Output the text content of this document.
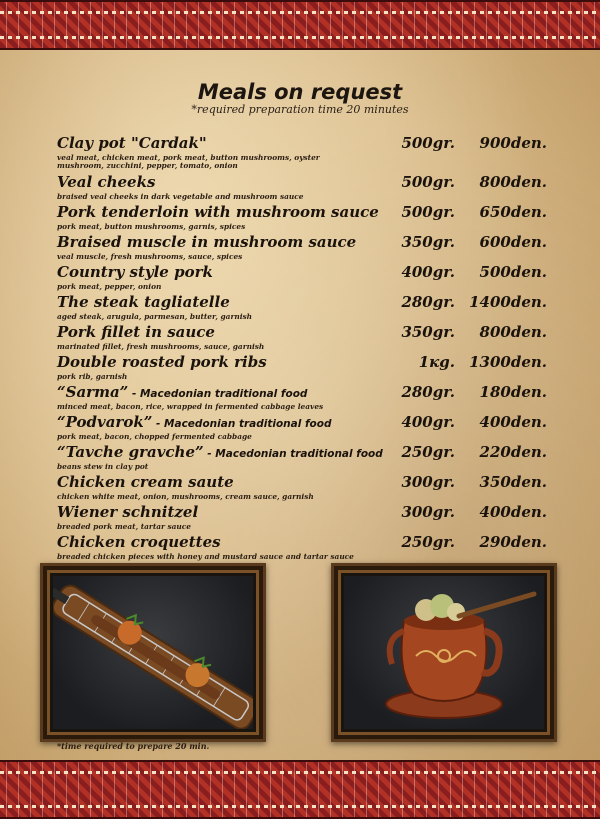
Meals on request
*required preparation time 20 minutes
Clay pot "Cardak"
veal meat, chicken meat, pork meat, button mushrooms, oyster mushroom, zucchini, pepper, tomato, onion
500gr.	900den.
Veal cheeks
braised veal cheeks in dark vegetable and mushroom sauce
500gr.	800den.
Pork tenderloin with mushroom sauce
pork meat, button mushrooms, garnis, spices
500gr.	650den.
Braised muscle in mushroom sauce
veal muscle, fresh mushrooms, sauce, spices
350gr.	600den.
Country style pork
pork meat, pepper, onion
400gr.	500den.
The steak tagliatelle
aged steak, arugula, parmesan, butter, garnish
280gr. 1400den.
Pork fillet in sauce
marinated fillet, fresh mushrooms, sauce, garnish
350gr.	800den.
Double roasted pork ribs
pork rib, garnish
1кg. 1300den.
“Sarma” - Macedonian traditional food
minced meat, bacon, rice, wrapped in fermented cabbage leaves
280gr.	180den.
“Podvarok” - Macedonian traditional food
pork meat, bacon, chopped fermented cabbage
400gr.	400den.
“Tavche gravche” - Macedonian traditional food
beans stew in clay pot
250gr.	220den.
Chicken cream saute
chicken white meat, onion, mushrooms, cream sauce, garnish
300gr.	350den.
Wiener schnitzel
breaded pork meat, tartar sauce
300gr.	400den.
Chicken croquettes
breaded chicken pieces with honey and mustard sauce and tartar sauce
250gr.	290den.
*time required to prepare 20 min.
